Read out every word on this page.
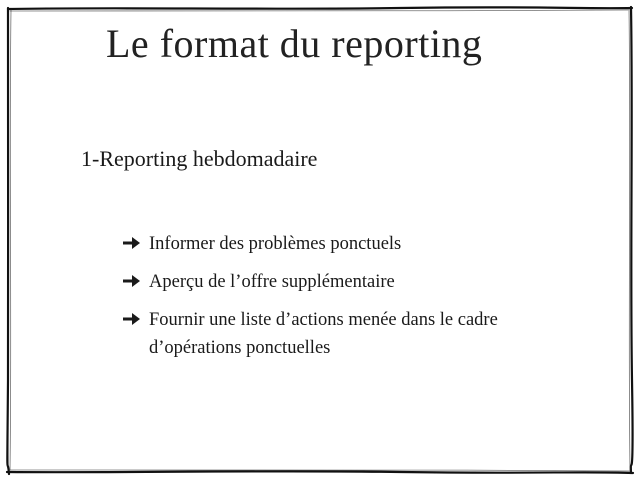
Le format du reporting
1-Reporting hebdomadaire
Informer des problèmes ponctuels
Aperçu de l’offre supplémentaire
Fournir une liste d’actions menée dans le cadre d’opérations ponctuelles
